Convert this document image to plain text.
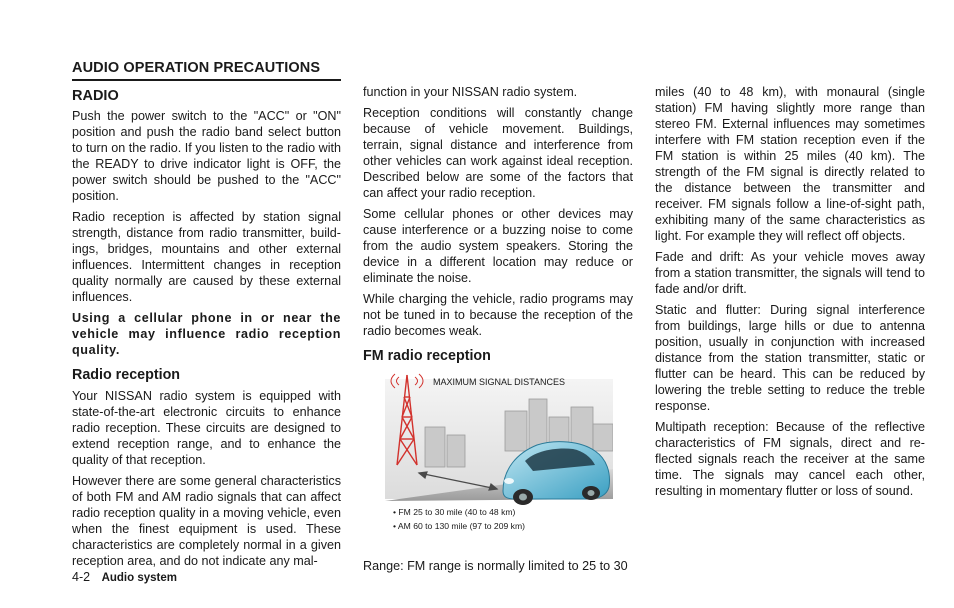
AUDIO OPERATION PRECAUTIONS
RADIO

Push the power switch to the "ACC" or "ON" position and push the radio band select button to turn on the radio. If you listen to the radio with the READY to drive indicator light is OFF, the power switch should be pushed to the "ACC" position.

Radio reception is affected by station signal strength, distance from radio transmitter, build-ings, bridges, mountains and other external influences. Intermittent changes in reception quality normally are caused by these external influences.

Using a cellular phone in or near the vehicle may influence radio reception quality.

Radio reception

Your NISSAN radio system is equipped with state-of-the-art electronic circuits to enhance radio reception. These circuits are designed to extend reception range, and to enhance the quality of that reception.

However there are some general characteristics of both FM and AM radio signals that can affect radio reception quality in a moving vehicle, even when the finest equipment is used. These characteristics are completely normal in a given reception area, and do not indicate any mal-

function in your NISSAN radio system.

Reception conditions will constantly change because of vehicle movement. Buildings, terrain, signal distance and interference from other vehicles can work against ideal reception. Described below are some of the factors that can affect your radio reception.

Some cellular phones or other devices may cause interference or a buzzing noise to come from the audio system speakers. Storing the device in a different location may reduce or eliminate the noise.

While charging the vehicle, radio programs may not be tuned in to because the reception of the radio becomes weak.

FM radio reception
MAXIMUM SIGNAL DISTANCES
• FM 25 to 30 mile (40 to 48 km)
• AM 60 to 130 mile (97 to 209 km)

Range: FM range is normally limited to 25 to 30

miles (40 to 48 km), with monaural (single station) FM having slightly more range than stereo FM. External influences may sometimes interfere with FM station reception even if the FM station is within 25 miles (40 km). The strength of the FM signal is directly related to the distance between the transmitter and receiver. FM signals follow a line-of-sight path, exhibiting many of the same characteristics as light. For example they will reflect off objects.

Fade and drift: As your vehicle moves away from a station transmitter, the signals will tend to fade and/or drift.

Static and flutter: During signal interference from buildings, large hills or due to antenna position, usually in conjunction with increased distance from the station transmitter, static or flutter can be heard. This can be reduced by lowering the treble setting to reduce the treble response.

Multipath reception: Because of the reflective characteristics of FM signals, direct and re-flected signals reach the receiver at the same time. The signals may cancel each other, resulting in momentary flutter or loss of sound.

4-2 Audio system
